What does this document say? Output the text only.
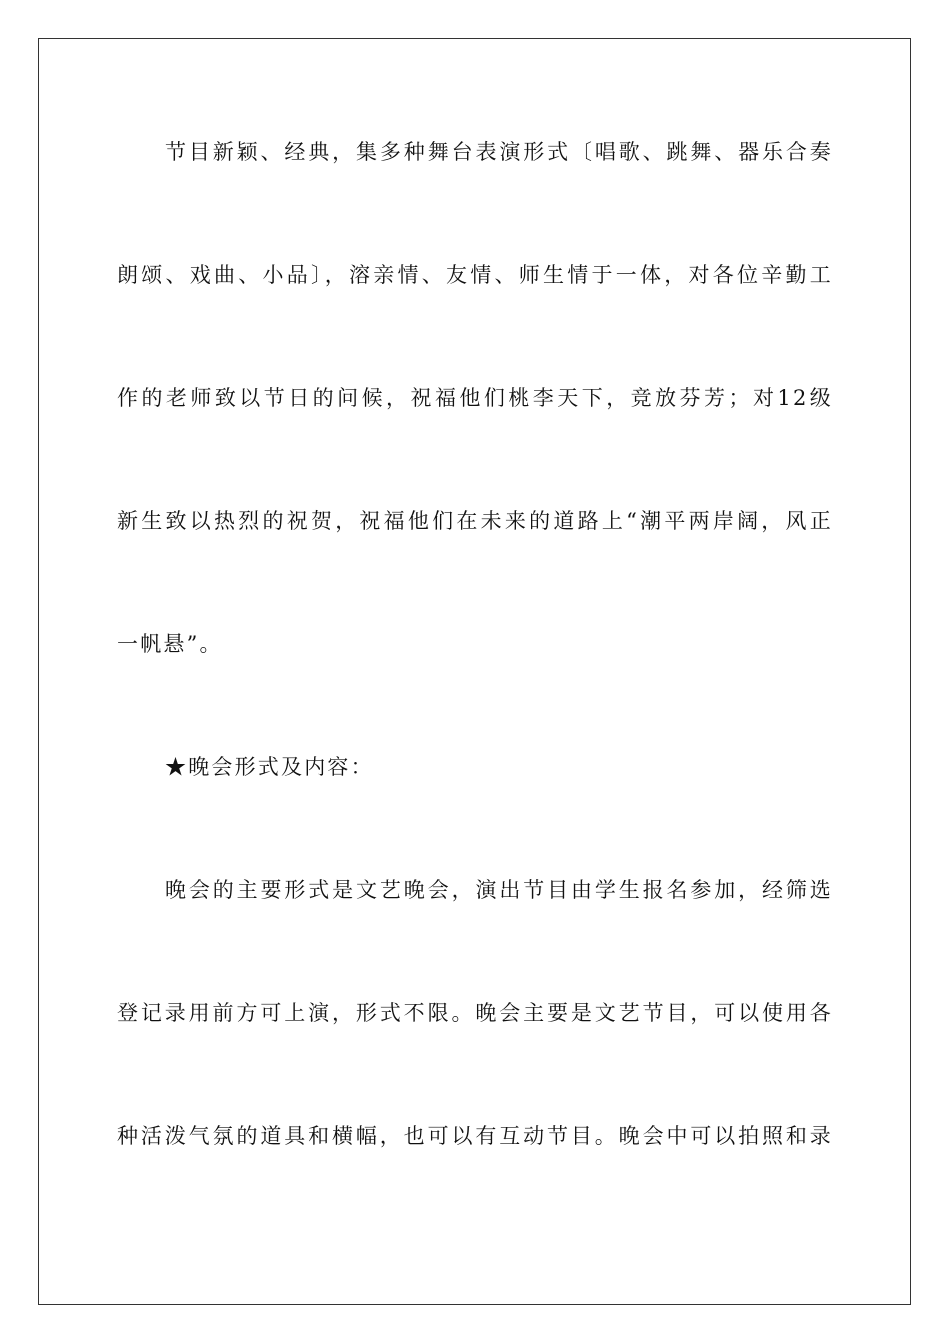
节目新颖、经典，集多种舞台表演形式〔唱歌、跳舞、器乐合奏
朗颂、戏曲、小品〕，溶亲情、友情、师生情于一体，对各位辛勤工
作的老师致以节日的问候，祝福他们桃李天下，竞放芬芳；对12级
新生致以热烈的祝贺，祝福他们在未来的道路上“潮平两岸阔，风正
一帆悬”。
★晚会形式及内容：
晚会的主要形式是文艺晚会，演出节目由学生报名参加，经筛选
登记录用前方可上演，形式不限。晚会主要是文艺节目，可以使用各
种活泼气氛的道具和横幅，也可以有互动节目。晚会中可以拍照和录
